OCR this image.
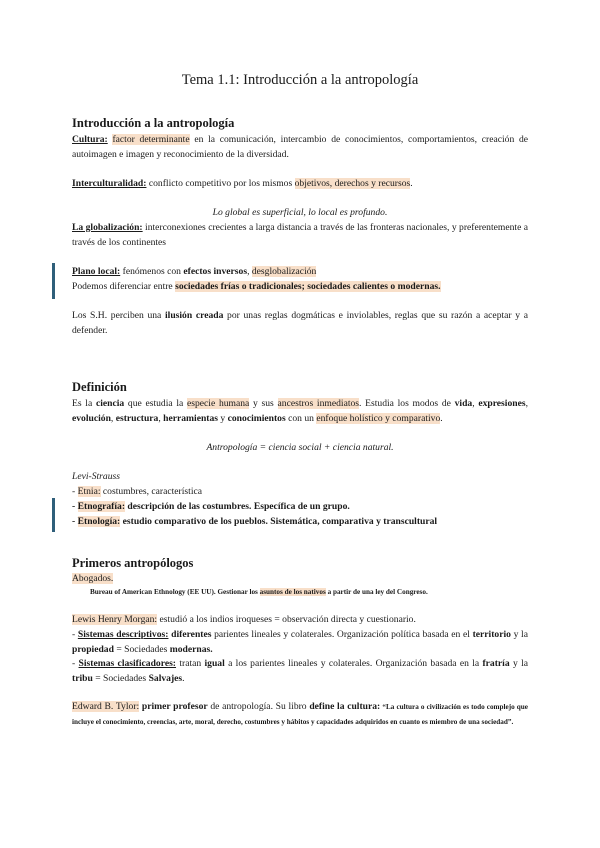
Tema 1.1: Introducción a la antropología
Introducción a la antropología

Cultura: factor determinante en la comunicación, intercambio de conocimientos, comportamientos, creación de autoimagen e imagen y reconocimiento de la diversidad.

Interculturalidad: conflicto competitivo por los mismos objetivos, derechos y recursos.

Lo global es superficial, lo local es profundo.

La globalización: interconexiones crecientes a larga distancia a través de las fronteras nacionales, y preferentemente a través de los continentes

Plano local: fenómenos con efectos inversos, desglobalización

Podemos diferenciar entre sociedades frías o tradicionales; sociedades calientes o modernas.

Los S.H. perciben una ilusión creada por unas reglas dogmáticas e inviolables, reglas que su razón a aceptar y a defender.

Definición

Es la ciencia que estudia la especie humana y sus ancestros inmediatos. Estudia los modos de vida, expresiones, evolución, estructura, herramientas y conocimientos con un enfoque holístico y comparativo.

Antropología = ciencia social + ciencia natural.

Levi-Strauss

- Etnia: costumbres, característica

- Etnografía: descripción de las costumbres. Específica de un grupo.

- Etnología: estudio comparativo de los pueblos. Sistemática, comparativa y transcultural

Primeros antropólogos

Abogados.

Bureau of American Ethnology (EE UU). Gestionar los asuntos de los nativos a partir de una ley del Congreso.

Lewis Henry Morgan: estudió a los indios iroqueses = observación directa y cuestionario.

- Sistemas descriptivos: diferentes parientes lineales y colaterales. Organización política basada en el territorio y la propiedad = Sociedades modernas.

- Sistemas clasificadores: tratan igual a los parientes lineales y colaterales. Organización basada en la fratría y la tribu = Sociedades Salvajes.

Edward B. Tylor: primer profesor de antropología. Su libro define la cultura: “La cultura o civilización es todo complejo que incluye el conocimiento, creencias, arte, moral, derecho, costumbres y hábitos y capacidades adquiridos en cuanto es miembro de una sociedad”.
